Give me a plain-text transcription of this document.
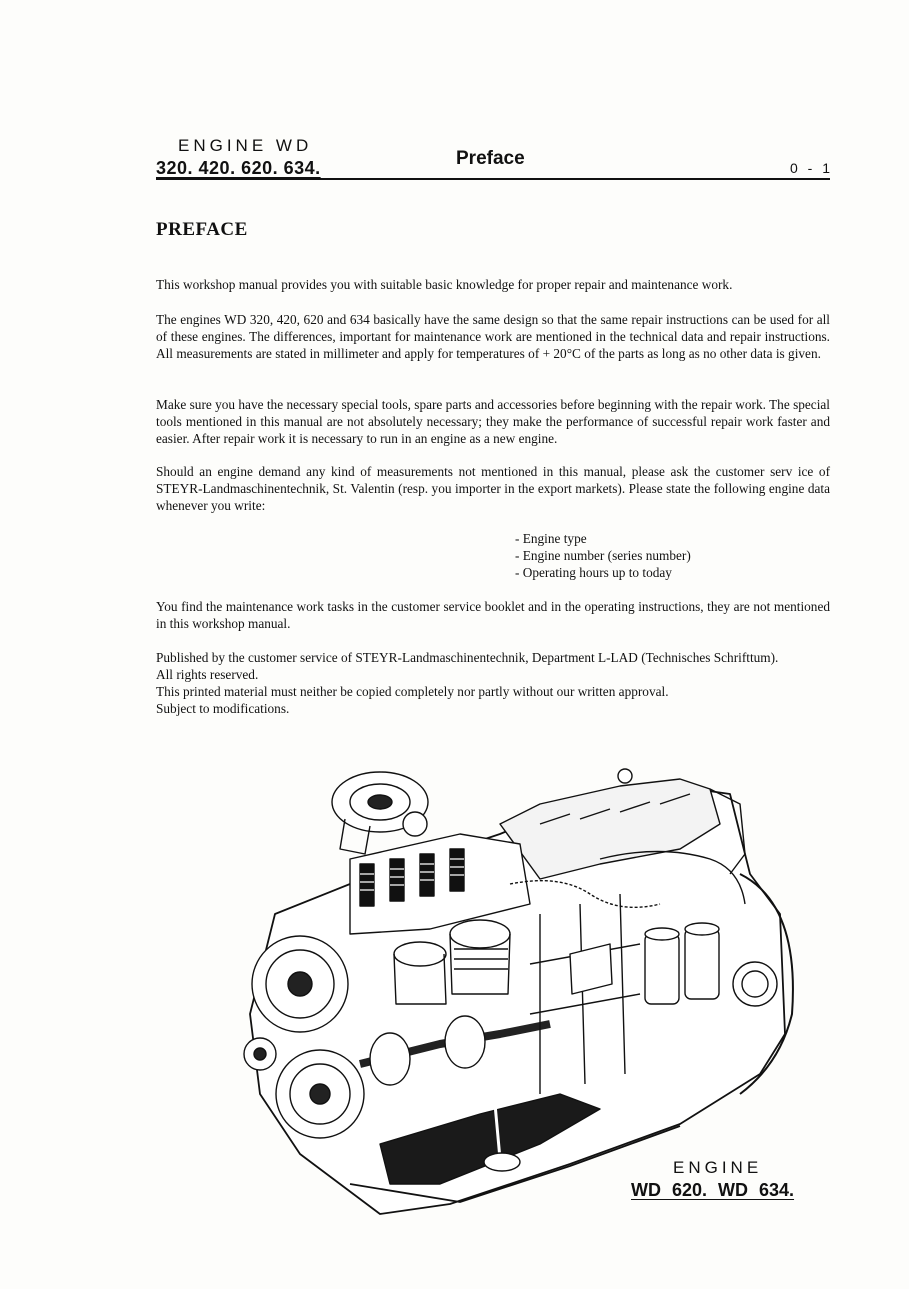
ENGINE WD
320. 420. 620. 634.	Preface	0 - 1
PREFACE

This workshop manual provides you with suitable basic knowledge for proper repair and maintenance work.

The engines WD 320, 420, 620 and 634 basically have the same design so that the same repair instructions can be used for all of these engines. The differences, important for maintenance work are mentioned in the technical data and repair instructions. All measurements are stated in millimeter and apply for temperatures of + 20°C of the parts as long as no other data is given.

Make sure you have the necessary special tools, spare parts and accessories before beginning with the repair work. The special tools mentioned in this manual are not absolutely necessary; they make the performance of successful repair work faster and easier. After repair work it is necessary to run in an engine as a new engine.

Should an engine demand any kind of measurements not mentioned in this manual, please ask the customer serv ice of STEYR-Landmaschinentechnik, St. Valentin (resp. you importer in the export markets). Please state the following engine data whenever you write:

- Engine type
- Engine number (series number)
- Operating hours up to today

You find the maintenance work tasks in the customer service booklet and in the operating instructions, they are not mentioned in this workshop manual.

Published by the customer service of STEYR-Landmaschinentechnik, Department L-LAD (Technisches Schrifttum).
All rights reserved.
This printed material must neither be copied completely nor partly without our written approval.
Subject to modifications.
ENGINE
WD 620. WD 634.
